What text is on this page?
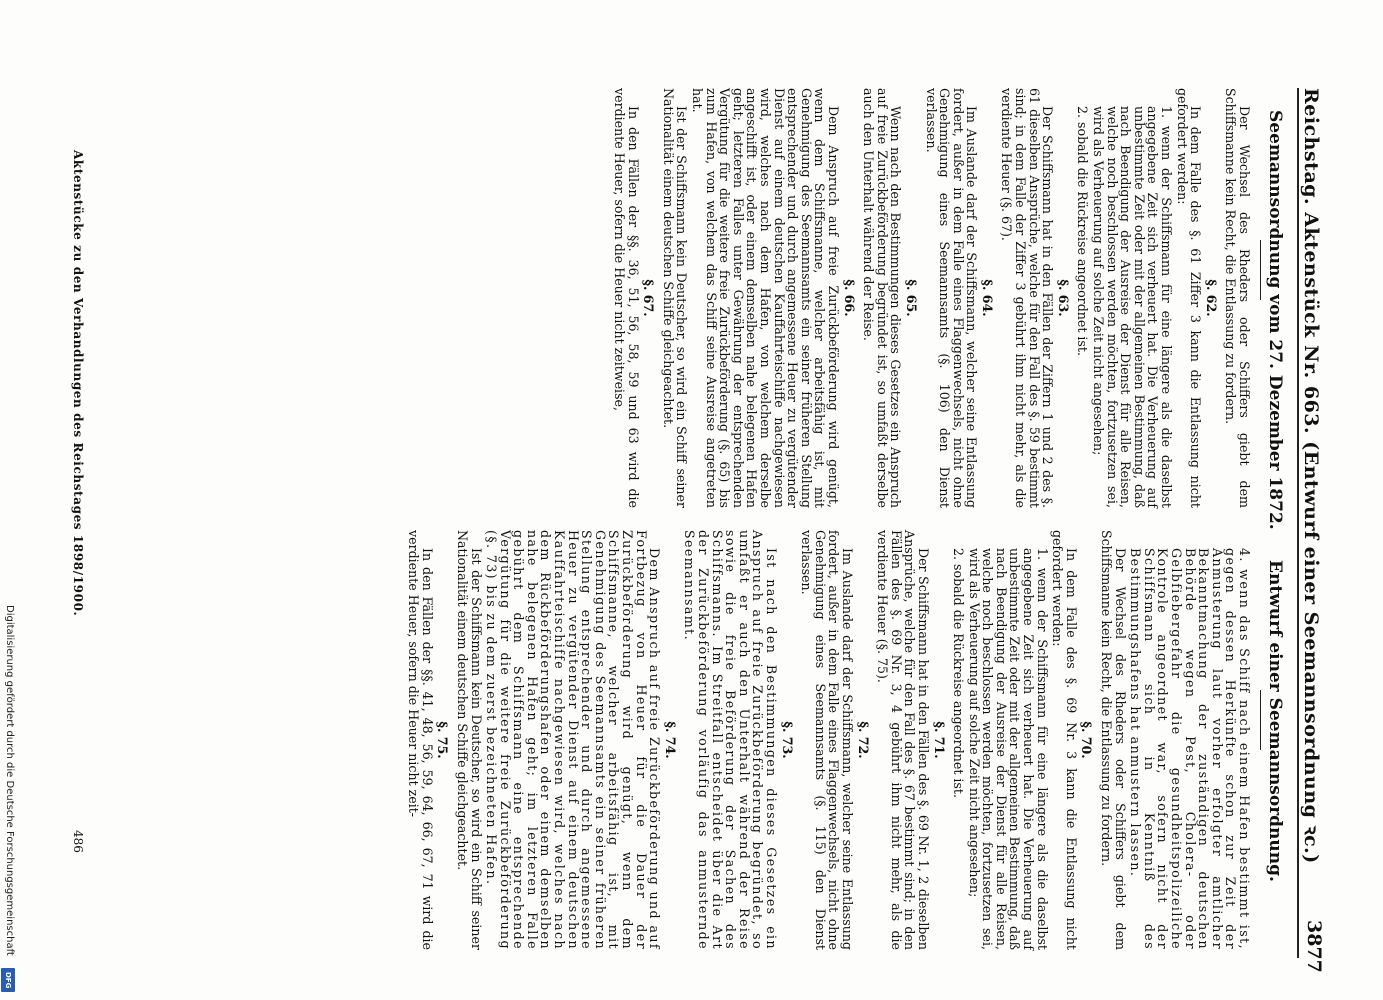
Digitalisierung gefördert durch die Deutsche Forschungsgemeinschaft
DFG
Reichstag. Aktenstück Nr. 663. (Entwurf einer Seemannsordnung ꝛc.)
3877
Seemannsordnung vom 27. Dezember 1872.
Entwurf einer Seemannsordnung.

Der Wechsel des Rheders oder Schiffers giebt dem Schiffsmanne kein Recht, die Entlassung zu fordern.

§. 62.

In dem Falle des §. 61 Ziffer 3 kann die Entlassung nicht gefordert werden:

1. wenn der Schiffsmann für eine längere als die daselbst angegebene Zeit sich verheuert hat. Die Verheuerung auf unbestimmte Zeit oder mit der allgemeinen Bestimmung, daß nach Beendigung der Ausreise der Dienst für alle Reisen, welche noch beschlossen werden möchten, fortzusetzen sei, wird als Verheuerung auf solche Zeit nicht angesehen;

2. sobald die Rückreise angeordnet ist.

§. 63.

Der Schiffsmann hat in den Fällen der Ziffern 1 und 2 des §. 61 dieselben Ansprüche, welche für den Fall des §. 59 bestimmt sind; in dem Falle der Ziffer 3 gebührt ihm nicht mehr, als die verdiente Heuer (§. 67).

§. 64.

Im Auslande darf der Schiffsmann, welcher seine Entlassung fordert, außer in dem Falle eines Flaggenwechsels, nicht ohne Genehmigung eines Seemannsamts (§. 106) den Dienst verlassen.

§. 65.

Wenn nach den Bestimmungen dieses Gesetzes ein Anspruch auf freie Zurückbeförderung begründet ist, so umfaßt derselbe auch den Unterhalt während der Reise.

§. 66.

Dem Anspruch auf freie Zurückbeförderung wird genügt, wenn dem Schiffsmanne, welcher arbeitsfähig ist, mit Genehmigung des Seemannsamts ein seiner früheren Stellung entsprechender und durch angemessene Heuer zu vergütender Dienst auf einem deutschen Kauffahrteischiffe nachgewiesen wird, welches nach dem Hafen, von welchem derselbe angeschifft ist, oder einem demselben nahe belegenen Hafen geht; letzteren Falles unter Gewährung der entsprechenden Vergütung für die weitere freie Zurückbeförderung (§. 65) bis zum Hafen, von welchem das Schiff seine Ausreise angetreten hat.

Ist der Schiffsmann kein Deutscher, so wird ein Schiff seiner Nationalität einem deutschen Schiffe gleichgeachtet.

§. 67.

In den Fällen der §§. 36, 51, 56, 58, 59 und 63 wird die verdiente Heuer, sofern die Heuer nicht zeitweise,

4. wenn das Schiff nach einem Hafen bestimmt ist, gegen dessen Herkünfte schon zur Zeit der Anmusterung laut vorher erfolgter amtlicher Bekanntmachung der zuständigen deutschen Behörde wegen Pest, Cholera- oder Gelbfiebergefahr die gesundheitspolizeiliche Kontrole angeordnet war, sofern nicht der Schiffsmann sich in Kenntniß des Bestimmungshafens hat anmustern lassen.

Der Wechsel des Rheders oder Schiffers giebt dem Schiffsmanne kein Recht, die Entlassung zu fordern.

§. 70.

In dem Falle des §. 69 Nr. 3 kann die Entlassung nicht gefordert werden:

1. wenn der Schiffsmann für eine längere als die daselbst angegebene Zeit sich verheuert hat. Die Verheuerung auf unbestimmte Zeit oder mit der allgemeinen Bestimmung, daß nach Beendigung der Ausreise der Dienst für alle Reisen, welche noch beschlossen werden möchten, fortzusetzen sei, wird als Verheuerung auf solche Zeit nicht angesehen;

2. sobald die Rückreise angeordnet ist.

§. 71.

Der Schiffsmann hat in den Fällen des §. 69 Nr. 1, 2 dieselben Ansprüche, welche für den Fall des §. 67 bestimmt sind; in den Fällen des §. 69 Nr. 3, 4 gebührt ihm nicht mehr, als die verdiente Heuer (§. 75).

§. 72.

Im Auslande darf der Schiffsmann, welcher seine Entlassung fordert, außer in dem Falle eines Flaggenwechsels, nicht ohne Genehmigung eines Seemannsamts (§. 115) den Dienst verlassen.

§. 73.

Ist nach den Bestimmungen dieses Gesetzes ein Anspruch auf freie Zurückbeförderung begründet, so umfaßt er auch den Unterhalt während der Reise sowie die freie Beförderung der Sachen des Schiffsmanns. Im Streitfall entscheidet über die Art der Zurückbeförderung vorläufig das anmusternde Seemannsamt.

§. 74.

Dem Anspruch auf freie Zurückbeförderung und auf Fortbezug von Heuer für die Dauer der Zurückbeförderung wird genügt, wenn dem Schiffsmanne, welcher arbeitsfähig ist, mit Genehmigung des Seemannsamts ein seiner früheren Stellung entsprechender und durch angemessene Heuer zu vergütender Dienst auf einem deutschen Kauffahrteischiffe nachgewiesen wird, welches nach dem Rückbeförderungshafen oder einem demselben nahe belegenen Hafen geht; im letzteren Falle gebührt dem Schiffsmann eine entsprechende Vergütung für die weitere freie Zurückbeförderung (§. 73) bis zu dem zuerst bezeichneten Hafen.

Ist der Schiffsmann kein Deutscher, so wird ein Schiff seiner Nationalität einem deutschen Schiffe gleichgeachtet.

§. 75.

In den Fällen der §§. 41, 48, 56, 59, 64, 66, 67, 71 wird die verdiente Heuer, sofern die Heuer nicht zeit-

Aktenstücke zu den Verhandlungen des Reichstages 1898/1900.
486
